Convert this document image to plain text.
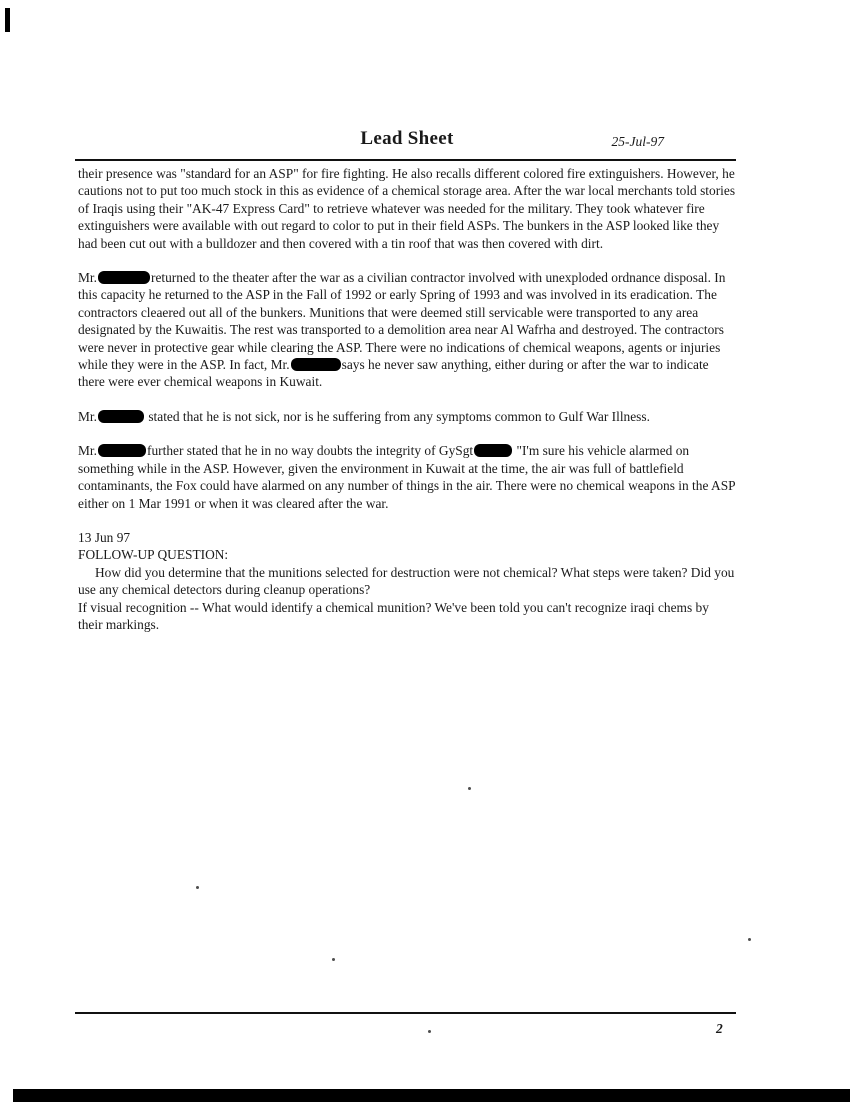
Lead Sheet	25-Jul-97

their presence was "standard for an ASP" for fire fighting. He also recalls different colored fire extinguishers. However, he cautions not to put too much stock in this as evidence of a chemical storage area. After the war local merchants told stories of Iraqis using their "AK-47 Express Card" to retrieve whatever was needed for the military. They took whatever fire extinguishers were available with out regard to color to put in their field ASPs. The bunkers in the ASP looked like they had been cut out with a bulldozer and then covered with a tin roof that was then covered with dirt.

Mr.	returned to the theater after the war as a civilian contractor involved with unexploded ordnance disposal. In this capacity he returned to the ASP in the Fall of 1992 or early Spring of 1993 and was involved in its eradication. The contractors cleaered out all of the bunkers. Munitions that were deemed still servicable were transported to any area designated by the Kuwaitis. The rest was transported to a demolition area near Al Wafrha and destroyed. The contractors were never in protective gear while clearing the ASP. There were no indications of chemical weapons, agents or injuries while they were in the ASP. In fact, Mr.	says he never saw anything, either during or after the war to indicate there were ever chemical weapons in Kuwait.

Mr.	stated that he is not sick, nor is he suffering from any symptoms common to Gulf War Illness.

Mr.	further stated that he in no way doubts the integrity of GySgt	"I'm sure his vehicle alarmed on something while in the ASP. However, given the environment in Kuwait at the time, the air was full of battlefield contaminants, the Fox could have alarmed on any number of things in the air. There were no chemical weapons in the ASP either on 1 Mar 1991 or when it was cleared after the war.

13 Jun 97
FOLLOW-UP QUESTION:

How did you determine that the munitions selected for destruction were not chemical? What steps were taken? Did you use any chemical detectors during cleanup operations?

If visual recognition -- What would identify a chemical munition? We've been told you can't recognize iraqi chems by their markings.

2
